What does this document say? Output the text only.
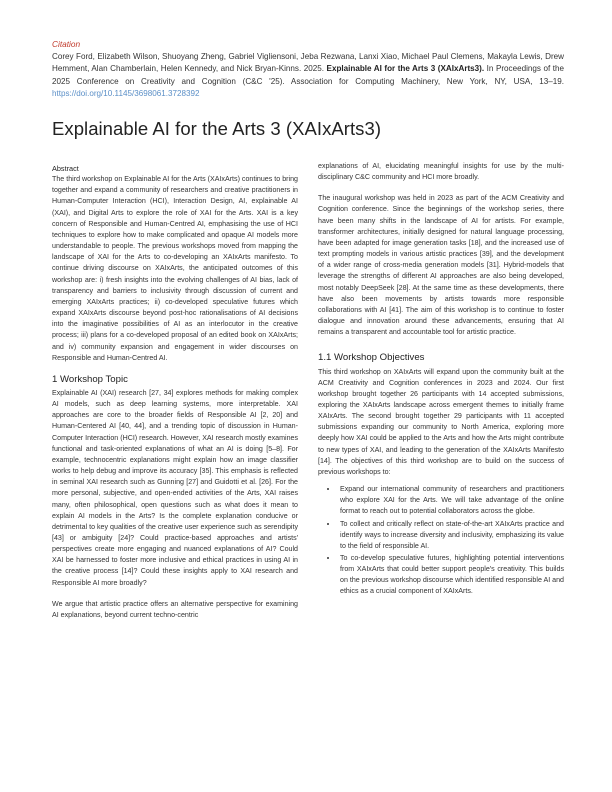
Citation
Corey Ford, Elizabeth Wilson, Shuoyang Zheng, Gabriel Vigliensoni, Jeba Rezwana, Lanxi Xiao, Michael Paul Clemens, Makayla Lewis, Drew Hemment, Alan Chamberlain, Helen Kennedy, and Nick Bryan-Kinns. 2025. Explainable AI for the Arts 3 (XAIxArts3). In Proceedings of the 2025 Conference on Creativity and Cognition (C&C '25). Association for Computing Machinery, New York, NY, USA, 13–19. https://doi.org/10.1145/3698061.3728392
Explainable AI for the Arts 3 (XAIxArts3)

Abstract
The third workshop on Explainable AI for the Arts (XAIxArts) continues to bring together and expand a community of researchers and creative practitioners in Human-Computer Interaction (HCI), Interaction Design, AI, explainable AI (XAI), and Digital Arts to explore the role of XAI for the Arts. XAI is a key concern of Responsible and Human-Centred AI, emphasising the use of HCI techniques to explore how to make complicated and opaque AI models more understandable to people. The previous workshops moved from mapping the landscape of XAI for the Arts to co-developing an XAIxArts manifesto. To continue driving discourse on XAIxArts, the anticipated outcomes of this workshop are: i) fresh insights into the evolving challenges of AI bias, lack of transparency and barriers to inclusivity through discussion of current and emerging XAIxArts practices; ii) co-developed speculative futures which expand XAIxArts discourse beyond post-hoc rationalisations of AI decisions into the imaginative possibilities of AI as an interlocutor in the creative process; iii) plans for a co-developed proposal of an edited book on XAIxArts; and iv) community expansion and engagement in wider discourses on Responsible and Human-Centred AI.

1 Workshop Topic

Explainable AI (XAI) research [27, 34] explores methods for making complex AI models, such as deep learning systems, more interpretable. XAI approaches are core to the broader fields of Responsible AI [2, 20] and Human-Centered AI [40, 44], and a trending topic of discussion in Human-Computer Interaction (HCI) research. However, XAI research mostly examines functional and task-oriented explanations of what an AI is doing [5–8]. For example, technocentric explanations might explain how an image classifier works to help debug and improve its accuracy [35]. This emphasis is reflected in seminal XAI research such as Gunning [27] and Guidotti et al. [26]. For the more personal, subjective, and open-ended activities of the Arts, XAI raises many, often philosophical, open questions such as what does it mean to explain AI models in the Arts? Is the complete explanation conducive or detrimental to key qualities of the creative user experience such as serendipity [43] or ambiguity [24]? Could practice-based approaches and artists' perspectives create more engaging and nuanced explanations of AI? Could XAI be harnessed to foster more inclusive and ethical practices in using AI in the creative process [14]? Could these insights apply to XAI research and Responsible AI more broadly?

We argue that artistic practice offers an alternative perspective for examining AI explanations, beyond current techno-centric

explanations of AI, elucidating meaningful insights for use by the multi-disciplinary C&C community and HCI more broadly.

The inaugural workshop was held in 2023 as part of the ACM Creativity and Cognition conference. Since the beginnings of the workshop series, there have been many shifts in the landscape of AI for artists. For example, transformer architectures, initially designed for natural language processing, have been adapted for image generation tasks [18], and the increased use of text prompting models in various artistic practices [39], and the development of a wider range of cross-media generation models [31]. Hybrid-models that leverage the strengths of different AI approaches are also being developed, most notably DeepSeek [28]. At the same time as these developments, there have also been movements by artists towards more responsible collaborations with AI [41]. The aim of this workshop is to continue to foster dialogue and innovation around these advancements, ensuring that AI remains a transparent and accountable tool for artistic practice.

1.1 Workshop Objectives

This third workshop on XAIxArts will expand upon the community built at the ACM Creativity and Cognition conferences in 2023 and 2024. Our first workshop brought together 26 participants with 14 accepted submissions, exploring the XAIxArts landscape across emergent themes to initially frame XAIxArts. The second brought together 29 participants with 11 accepted submissions expanding our community to North America, exploring more deeply how XAI could be applied to the Arts and how the Arts might contribute to new types of XAI, and leading to the generation of the XAIxArts Manifesto [14]. The objectives of this third workshop are to build on the success of previous workshops to:

• Expand our international community of researchers and practitioners who explore XAI for the Arts. We will take advantage of the online format to reach out to potential collaborators across the globe.
• To collect and critically reflect on state-of-the-art XAIxArts practice and identify ways to increase diversity and inclusivity, emphasizing its value to the field of responsible AI.
• To co-develop speculative futures, highlighting potential interventions from XAIxArts that could better support people's creativity. This builds on the previous workshop discourse which identified responsible AI and ethics as a crucial component of XAIxArts.
